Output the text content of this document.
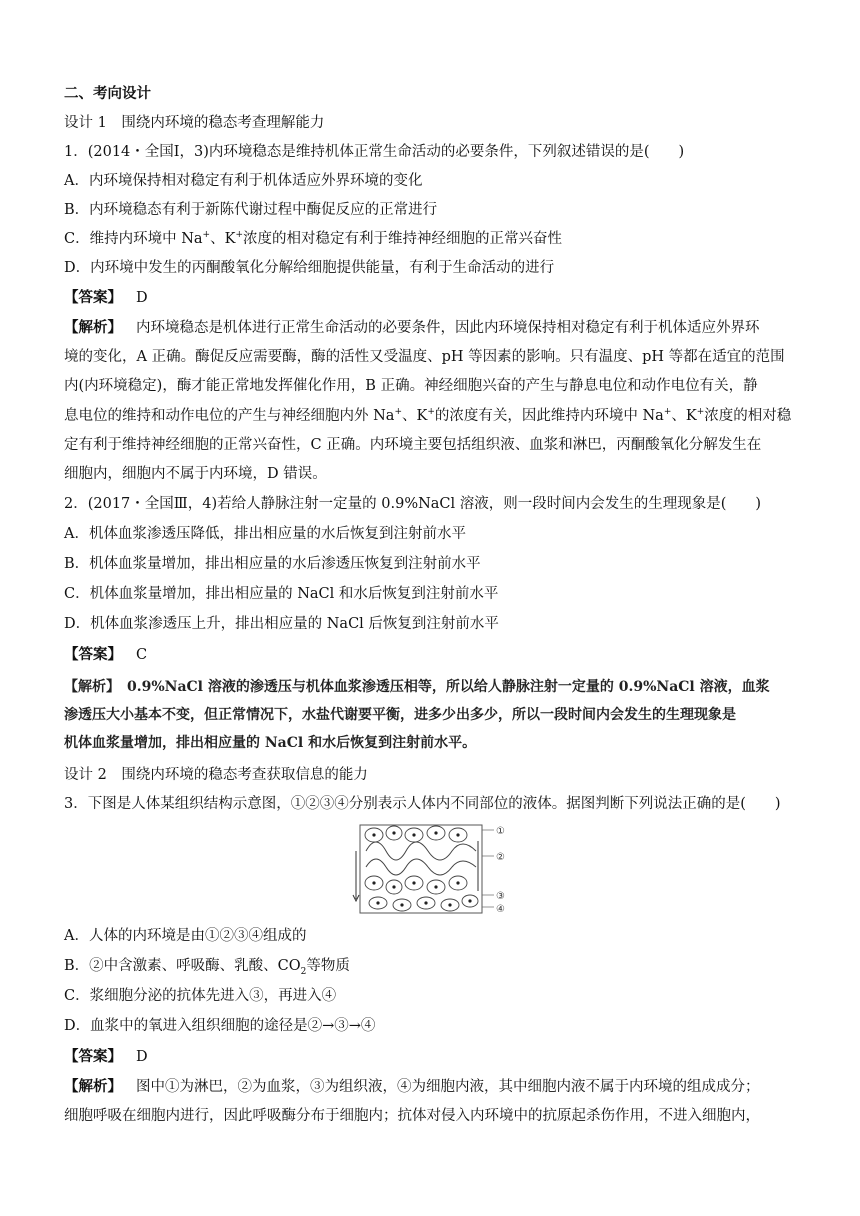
二、考向设计
设计 1　围绕内环境的稳态考查理解能力
1．(2014・全国Ⅰ，3)内环境稳态是维持机体正常生命活动的必要条件，下列叙述错误的是(　　)
A．内环境保持相对稳定有利于机体适应外界环境的变化
B．内环境稳态有利于新陈代谢过程中酶促反应的正常进行
C．维持内环境中 Na+、K+浓度的相对稳定有利于维持神经细胞的正常兴奋性
D．内环境中发生的丙酮酸氧化分解给细胞提供能量，有利于生命活动的进行
【答案】 D
【解析】 内环境稳态是机体进行正常生命活动的必要条件，因此内环境保持相对稳定有利于机体适应外界环
境的变化，A 正确。酶促反应需要酶，酶的活性又受温度、pH 等因素的影响。只有温度、pH 等都在适宜的范围
内(内环境稳定)，酶才能正常地发挥催化作用，B 正确。神经细胞兴奋的产生与静息电位和动作电位有关，静
息电位的维持和动作电位的产生与神经细胞内外 Na+、K+的浓度有关，因此维持内环境中 Na+、K+浓度的相对稳
定有利于维持神经细胞的正常兴奋性，C 正确。内环境主要包括组织液、血浆和淋巴，丙酮酸氧化分解发生在
细胞内，细胞内不属于内环境，D 错误。
2．(2017・全国Ⅲ，4)若给人静脉注射一定量的 0.9%NaCl 溶液，则一段时间内会发生的生理现象是(　　)
A．机体血浆渗透压降低，排出相应量的水后恢复到注射前水平
B．机体血浆量增加，排出相应量的水后渗透压恢复到注射前水平
C．机体血浆量增加，排出相应量的 NaCl 和水后恢复到注射前水平
D．机体血浆渗透压上升，排出相应量的 NaCl 后恢复到注射前水平
【答案】 C
【解析】　0.9%NaCl 溶液的渗透压与机体血浆渗透压相等，所以给人静脉注射一定量的 0.9%NaCl 溶液，血浆
渗透压大小基本不变，但正常情况下，水盐代谢要平衡，进多少出多少，所以一段时间内会发生的生理现象是
机体血浆量增加，排出相应量的 NaCl 和水后恢复到注射前水平。
设计 2　围绕内环境的稳态考查获取信息的能力
3．下图是人体某组织结构示意图，①②③④分别表示人体内不同部位的液体。据图判断下列说法正确的是(　　)
①
②
③
④
A．人体的内环境是由①②③④组成的
B．②中含激素、呼吸酶、乳酸、$CO_2$等物质
C．浆细胞分泌的抗体先进入③，再进入④
D．血浆中的氧进入组织细胞的途径是②→③→④
【答案】 D
【解析】 图中①为淋巴，②为血浆，③为组织液，④为细胞内液，其中细胞内液不属于内环境的组成成分；
细胞呼吸在细胞内进行，因此呼吸酶分布于细胞内；抗体对侵入内环境中的抗原起杀伤作用，不进入细胞内，
